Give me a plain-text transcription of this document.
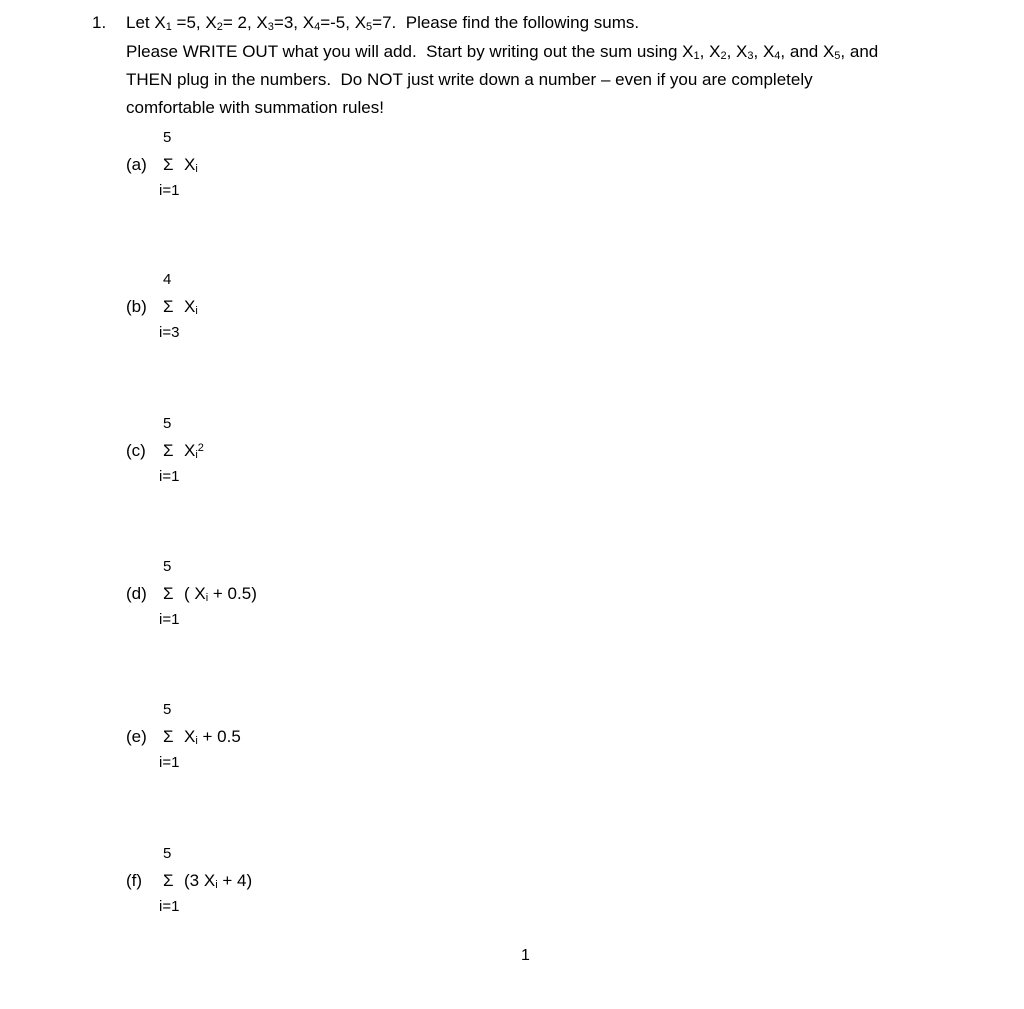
1. Let $X_1 =5$, $X_2= 2$, $X_3=3$, $X_4=-5$, $X_5=7$.  Please find the following sums.

Please WRITE OUT what you will add.  Start by writing out the sum using $X_1$, $X_2$, $X_3$, $X_4$, and $X_5$, and

THEN plug in the numbers.  Do NOT just write down a number – even if you are completely

comfortable with summation rules!

5
(a) Σ $X_i$
i=1
4
(b) Σ $X_i$
i=3
5
(c) Σ $X_i^2$
i=1
5
(d) Σ ( $X_i + 0.5$)
i=1
5
(e) Σ $X_i + 0.5$
i=1
5
(f) Σ (3 $X_i + 4$)
i=1
1
